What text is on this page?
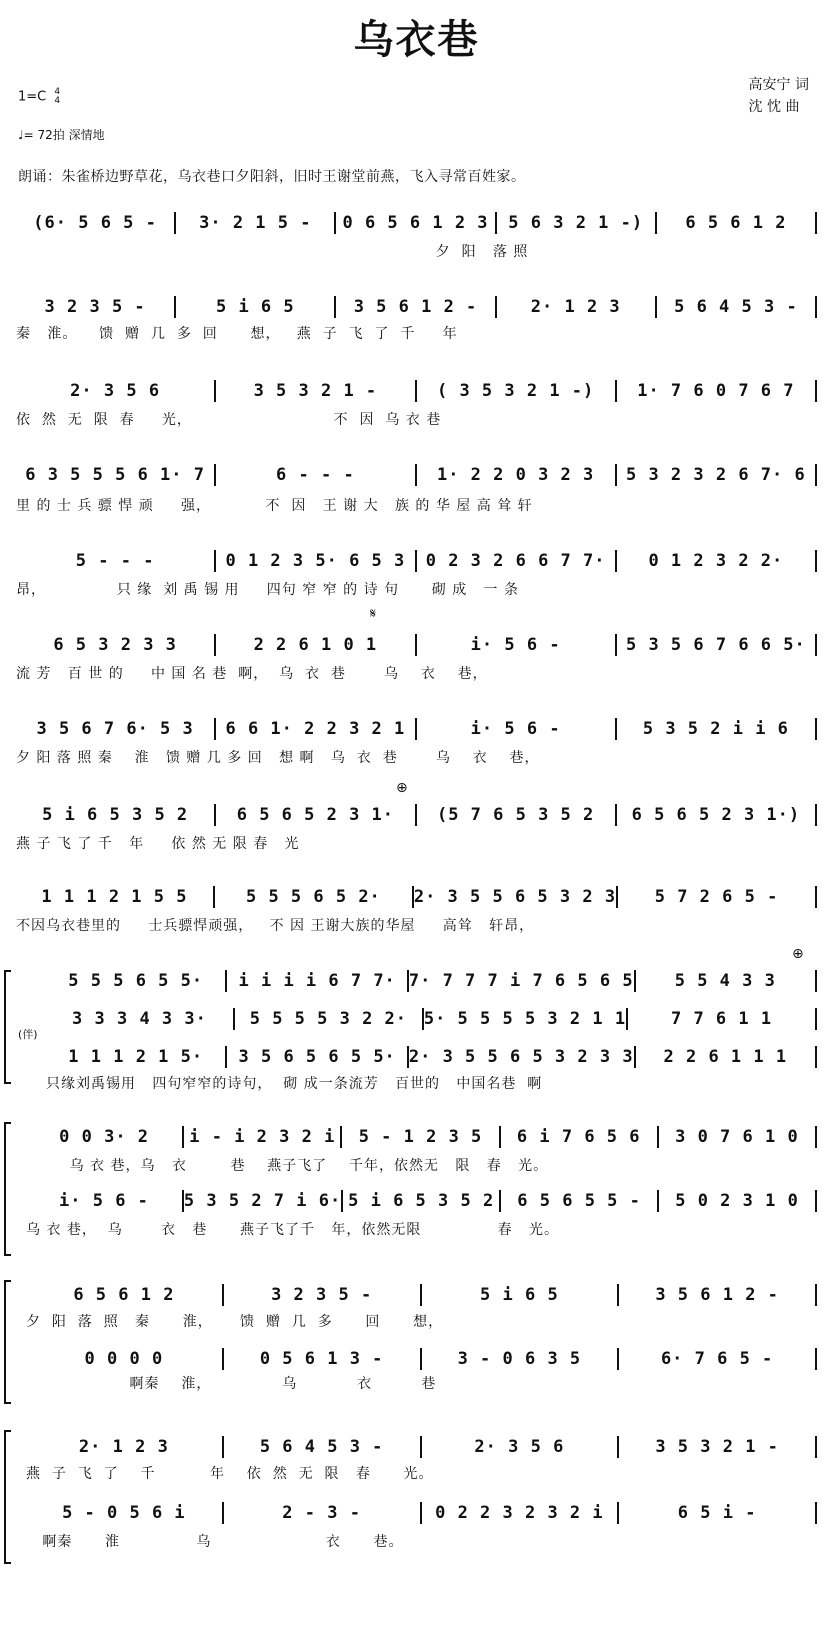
乌衣巷
高安宁 词
沈 忱 曲
1=C 4
4
♩= 72拍 深情地
朗诵：朱雀桥边野草花，乌衣巷口夕阳斜，旧时王谢堂前燕，飞入寻常百姓家。
(伴)
𝄋
⊕
⊕
(6· 5 6 5 -	3· 2 1 5 -	0 6 5 6 1 2 3	5 6 3 2 1 -)	6 5 6 1 2
夕  阳   落 照
3 2 3 5 -	5 i 6 5	3 5 6 1 2 -	2· 1 2 3	5 6 4 5 3 -
秦   淮。    馈  赠  几  多  回      想，   燕  子  飞  了  千     年
2· 3 5 6	3 5 3 2 1 -	( 3 5 3 2 1 -)	1· 7 6 0 7 6 7
依  然  无  限  春     光，                          不  因  乌 衣 巷
6 3 5 5 5 6 1· 7	6 - - -	1· 2 2 0 3 2 3	5 3 2 3 2 6 7· 6
里 的 士 兵 骠 悍 顽     强，          不  因   王 谢 大   族 的 华 屋 高 耸 轩
5 - - -	0 1 2 3 5· 6 5 3	0 2 3 2 6 6 7 7·	0 1 2 3 2 2·
昂，             只 缘  刘 禹 锡 用     四句 窄 窄 的 诗 句      砌 成   一 条
6 5 3 2 3 3	2 2 6 1 0 1	i· 5 6 -	5 3 5 6 7 6 6 5·
流 芳   百 世 的     中 国 名 巷  啊，  乌  衣  巷       乌    衣    巷，
3 5 6 7 6· 5 3	6 6 1· 2 2 3 2 1	i· 5 6 -	5 3 5 2 i i 6
夕 阳 落 照 秦    淮   馈 赠 几 多 回   想 啊   乌  衣  巷       乌    衣    巷，
5 i 6 5 3 5 2	6 5 6 5 2 3 1·	(5 7 6 5 3 5 2	6 5 6 5 2 3 1·)
燕 子 飞 了 千   年     依 然 无 限 春   光
1 1 1 2 1 5 5	5 5 5 6 5 2·	2· 3 5 5 6 5 3 2 3	5 7 2 6 5 -
不因乌衣巷里的     士兵骠悍顽强，   不 因 王谢大族的华屋     高耸   轩昂，
5 5 5 6 5 5·	i i i i 6 7 7· 7· 7 7 7 i 7 6 5 6 5	5 5 4 3 3
3 3 3 4 3 3·	5 5 5 5 3 2 2· 5· 5 5 5 5 3 2 1 1	7 7 6 1 1
1 1 1 2 1 5·	3 5 6 5 6 5 5· 2· 3 5 5 6 5 3 2 3 3	2 2 6 1 1 1
只缘刘禹锡用   四句窄窄的诗句，  砌 成一条流芳   百世的   中国名巷  啊
0 0 3· 2	i - i 2 3 2 i	5 - 1 2 3 5	6 i 7 6 5 6	3 0 7 6 1 0
乌 衣 巷，乌   衣        巷    燕子飞了    千年，依然无   限   春   光。
i· 5 6 -	5 3 5 2 7 i 6· 5 i 6 5 3 5 2	6 5 6 5 5 -	5 0 2 3 1 0
乌 衣 巷，  乌       衣   巷      燕子飞了千   年，依然无限              春   光。
6 5 6 1 2	3 2 3 5 -	5 i 6 5	3 5 6 1 2 -
夕  阳  落  照   秦      淮，     馈  赠  几  多      回      想，
0 0 0 0	0 5 6 1 3 -	3 - 0 6 3 5	6· 7 6 5 -
啊秦    淮，             乌           衣         巷
2· 1 2 3	5 6 4 5 3 -	2· 3 5 6	3 5 3 2 1 -
燕  子  飞  了    千          年    依  然  无  限   春      光。
5 - 0 5 6 i	2 - 3 -	0 2 2 3 2 3 2 i	6 5 i -
啊秦      淮              乌                     衣      巷。
